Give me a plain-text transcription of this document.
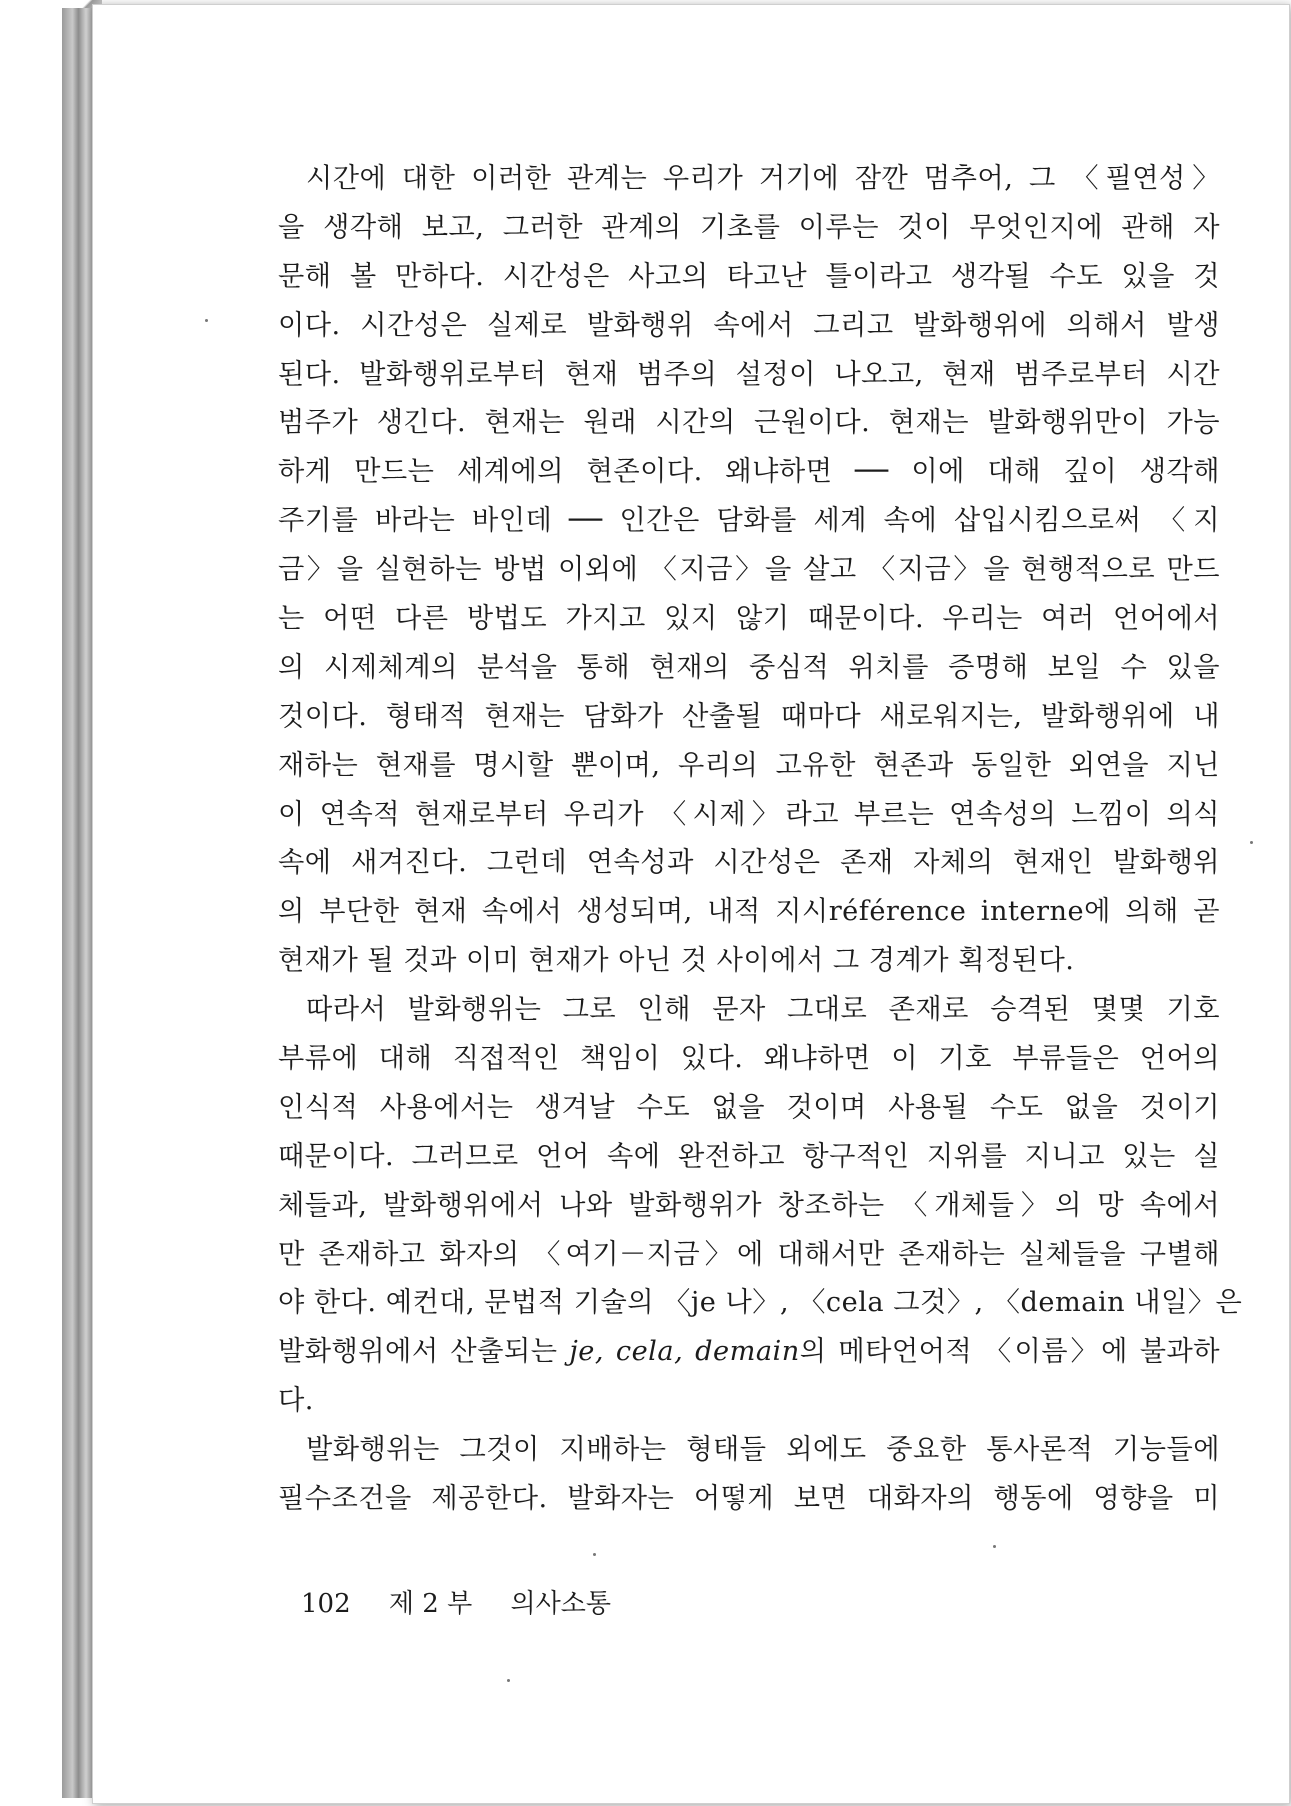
시간에 대한 이러한 관계는 우리가 거기에 잠깐 멈추어, 그 〈필연성〉
을 생각해 보고, 그러한 관계의 기초를 이루는 것이 무엇인지에 관해 자
문해 볼 만하다. 시간성은 사고의 타고난 틀이라고 생각될 수도 있을 것
이다. 시간성은 실제로 발화행위 속에서 그리고 발화행위에 의해서 발생
된다. 발화행위로부터 현재 범주의 설정이 나오고, 현재 범주로부터 시간
범주가 생긴다. 현재는 원래 시간의 근원이다. 현재는 발화행위만이 가능
하게 만드는 세계에의 현존이다. 왜냐하면 ── 이에 대해 깊이 생각해
주기를 바라는 바인데 ── 인간은 담화를 세계 속에 삽입시킴으로써 〈지
금〉을 실현하는 방법 이외에 〈지금〉을 살고 〈지금〉을 현행적으로 만드
는 어떤 다른 방법도 가지고 있지 않기 때문이다. 우리는 여러 언어에서
의 시제체계의 분석을 통해 현재의 중심적 위치를 증명해 보일 수 있을
것이다. 형태적 현재는 담화가 산출될 때마다 새로워지는, 발화행위에 내
재하는 현재를 명시할 뿐이며, 우리의 고유한 현존과 동일한 외연을 지닌
이 연속적 현재로부터 우리가 〈시제〉라고 부르는 연속성의 느낌이 의식
속에 새겨진다. 그런데 연속성과 시간성은 존재 자체의 현재인 발화행위
의 부단한 현재 속에서 생성되며, 내적 지시référence interne에 의해 곧
현재가 될 것과 이미 현재가 아닌 것 사이에서 그 경계가 획정된다.
따라서 발화행위는 그로 인해 문자 그대로 존재로 승격된 몇몇 기호
부류에 대해 직접적인 책임이 있다. 왜냐하면 이 기호 부류들은 언어의
인식적 사용에서는 생겨날 수도 없을 것이며 사용될 수도 없을 것이기
때문이다. 그러므로 언어 속에 완전하고 항구적인 지위를 지니고 있는 실
체들과, 발화행위에서 나와 발화행위가 창조하는 〈개체들〉의 망 속에서
만 존재하고 화자의 〈여기－지금〉에 대해서만 존재하는 실체들을 구별해
야 한다. 예컨대, 문법적 기술의 〈je 나〉, 〈cela 그것〉, 〈demain 내일〉은
발화행위에서 산출되는 je, cela, demain의 메타언어적 〈이름〉에 불과하
다.
발화행위는 그것이 지배하는 형태들 외에도 중요한 통사론적 기능들에
필수조건을 제공한다. 발화자는 어떻게 보면 대화자의 행동에 영향을 미
102 제 2 부 의사소통
